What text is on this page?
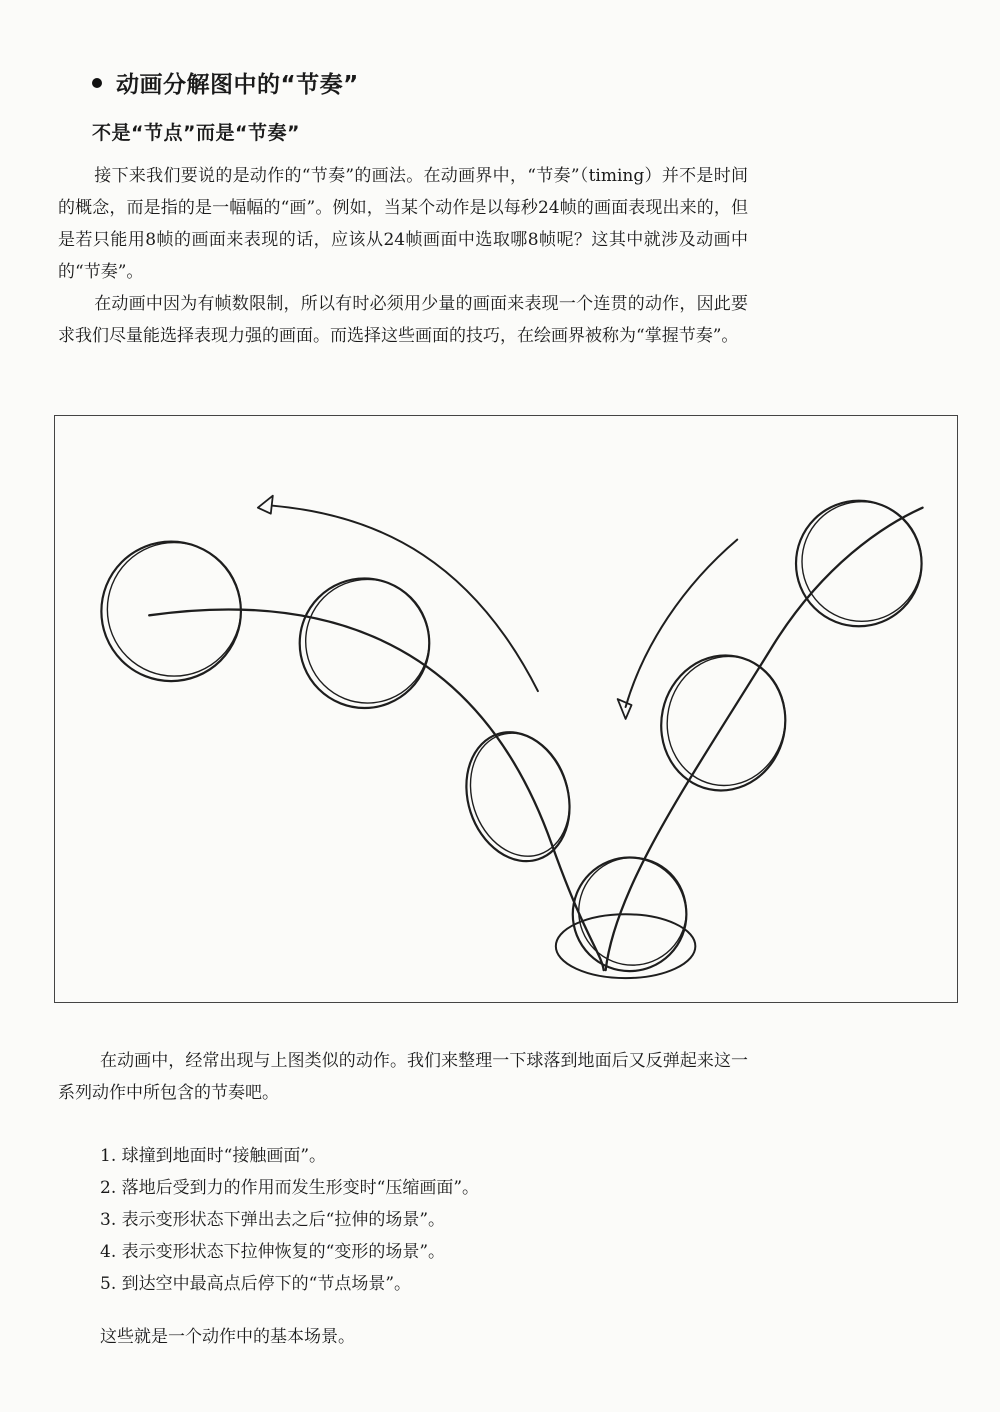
动画分解图中的“节奏”
不是“节点”而是“节奏”

接下来我们要说的是动作的“节奏”的画法。在动画界中，“节奏”（timing）并不是时间的概念，而是指的是一幅幅的“画”。例如，当某个动作是以每秒24帧的画面表现出来的，但是若只能用8帧的画面来表现的话，应该从24帧画面中选取哪8帧呢？这其中就涉及动画中的“节奏”。

在动画中因为有帧数限制，所以有时必须用少量的画面来表现一个连贯的动作，因此要求我们尽量能选择表现力强的画面。而选择这些画面的技巧，在绘画界被称为“掌握节奏”。

在动画中，经常出现与上图类似的动作。我们来整理一下球落到地面后又反弹起来这一系列动作中所包含的节奏吧。

1. 球撞到地面时“接触画面”。
2. 落地后受到力的作用而发生形变时“压缩画面”。
3. 表示变形状态下弹出去之后“拉伸的场景”。
4. 表示变形状态下拉伸恢复的“变形的场景”。
5. 到达空中最高点后停下的“节点场景”。

这些就是一个动作中的基本场景。
